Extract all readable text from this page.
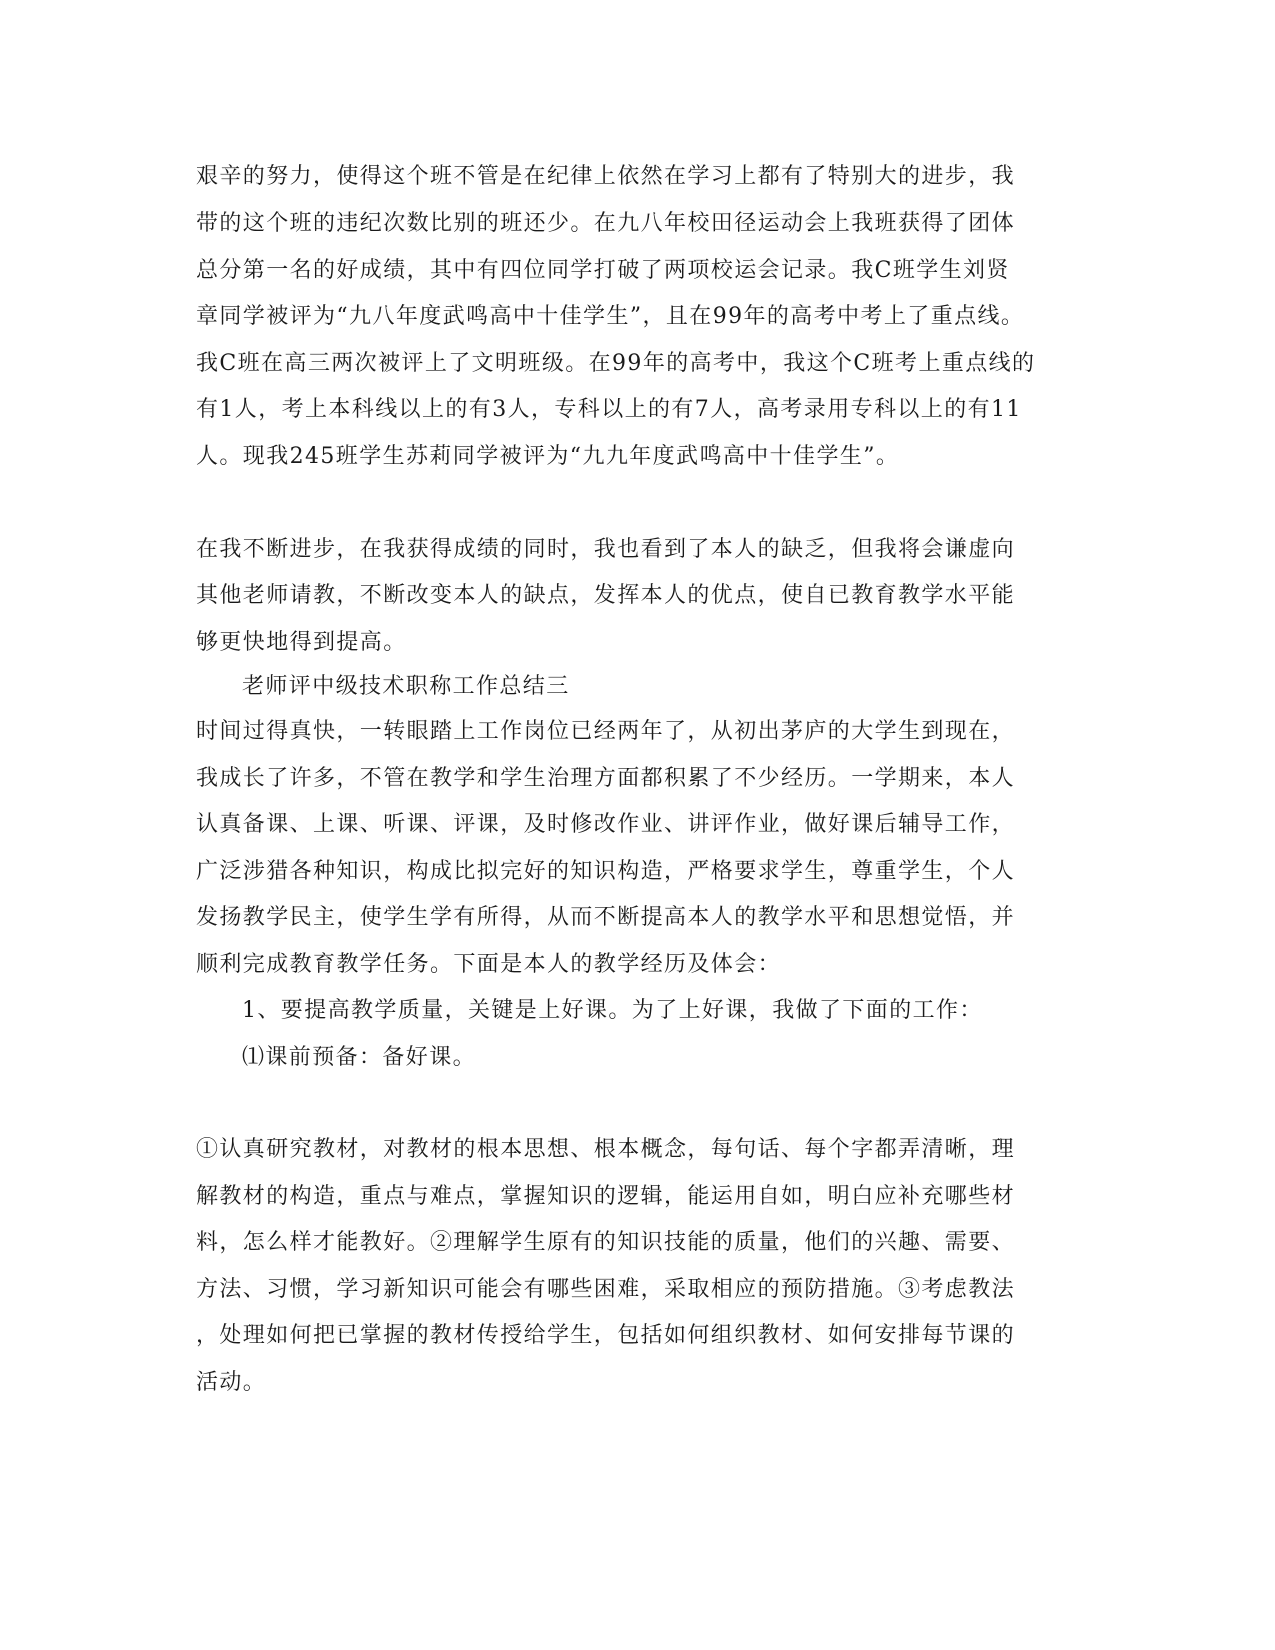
艰辛的努力，使得这个班不管是在纪律上依然在学习上都有了特别大的进步，我
带的这个班的违纪次数比别的班还少。在九八年校田径运动会上我班获得了团体
总分第一名的好成绩，其中有四位同学打破了两项校运会记录。我C班学生刘贤
章同学被评为“九八年度武鸣高中十佳学生”，且在99年的高考中考上了重点线。
我C班在高三两次被评上了文明班级。在99年的高考中，我这个C班考上重点线的
有1人，考上本科线以上的有3人，专科以上的有7人，高考录用专科以上的有11
人。现我245班学生苏莉同学被评为“九九年度武鸣高中十佳学生”。
在我不断进步，在我获得成绩的同时，我也看到了本人的缺乏，但我将会谦虚向
其他老师请教，不断改变本人的缺点，发挥本人的优点，使自已教育教学水平能
够更快地得到提高。
老师评中级技术职称工作总结三
时间过得真快，一转眼踏上工作岗位已经两年了，从初出茅庐的大学生到现在，
我成长了许多，不管在教学和学生治理方面都积累了不少经历。一学期来，本人
认真备课、上课、听课、评课，及时修改作业、讲评作业，做好课后辅导工作，
广泛涉猎各种知识，构成比拟完好的知识构造，严格要求学生，尊重学生，个人
发扬教学民主，使学生学有所得，从而不断提高本人的教学水平和思想觉悟，并
顺利完成教育教学任务。下面是本人的教学经历及体会：
1、要提高教学质量，关键是上好课。为了上好课，我做了下面的工作：
⑴课前预备：备好课。
①认真研究教材，对教材的根本思想、根本概念，每句话、每个字都弄清晰，理
解教材的构造，重点与难点，掌握知识的逻辑，能运用自如，明白应补充哪些材
料，怎么样才能教好。②理解学生原有的知识技能的质量，他们的兴趣、需要、
方法、习惯，学习新知识可能会有哪些困难，采取相应的预防措施。③考虑教法
，处理如何把已掌握的教材传授给学生，包括如何组织教材、如何安排每节课的
活动。
